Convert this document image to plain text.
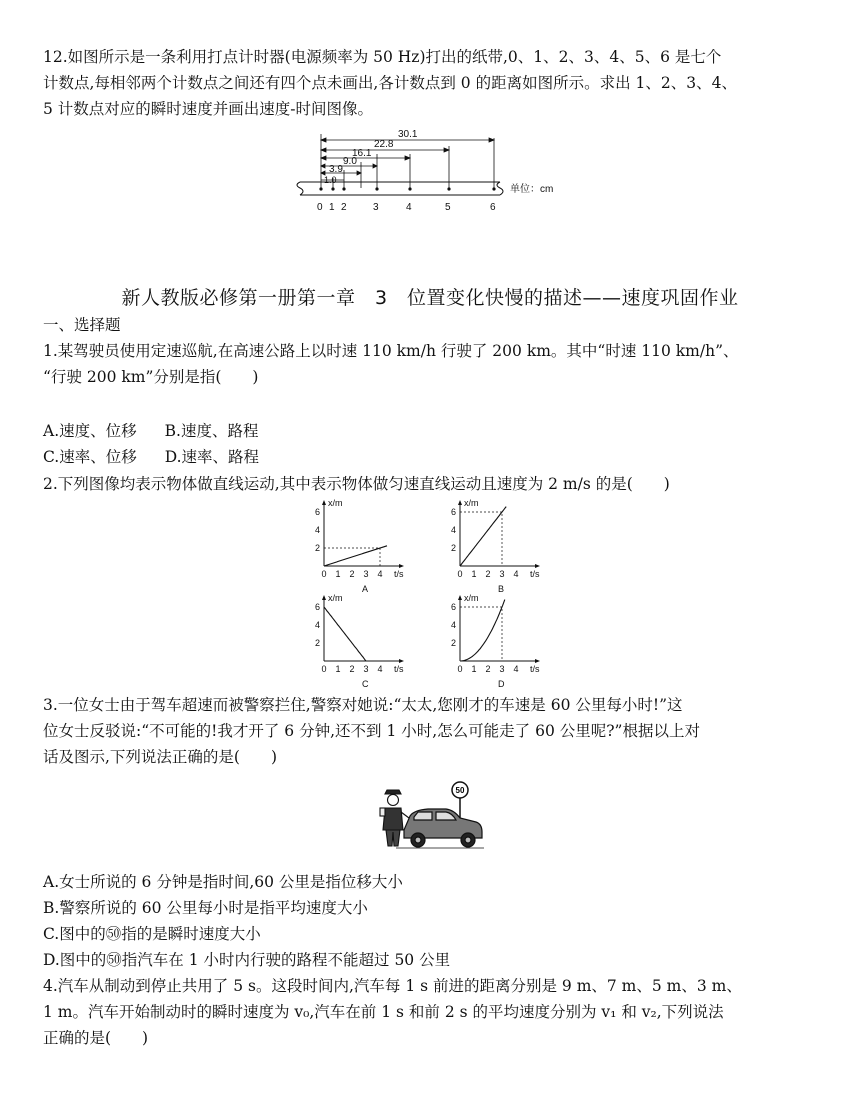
12.如图所示是一条利用打点计时器(电源频率为 50 Hz)打出的纸带,0、1、2、3、4、5、6 是七个
计数点,每相邻两个计数点之间还有四个点未画出,各计数点到 0 的距离如图所示。求出 1、2、3、4、
5 计数点对应的瞬时速度并画出速度-时间图像。
30.1
22.8
16.1
9.0
3.9
1.0
0 1 2	3	4	5	6
单位：cm
新人教版必修第一册第一章　3　位置变化快慢的描述——速度巩固作业
一、选择题
1.某驾驶员使用定速巡航,在高速公路上以时速 110 km/h 行驶了 200 km。其中“时速 110 km/h”、
“行驶 200 km”分别是指(　　)
A.速度、位移 B.速度、路程
C.速率、位移 D.速率、路程
2.下列图像均表示物体做直线运动,其中表示物体做匀速直线运动且速度为 2 m/s 的是(　　)
x/m
t/s
0 1 2 3 4
2
4
6
A
x/m
t/s
0 1 2 3 4
2
4
6
B
x/m
t/s
0 1 2 3 4
2
4
6
C
x/m
t/s
0 1 2 3 4
2
4
6
D
3.一位女士由于驾车超速而被警察拦住,警察对她说:“太太,您刚才的车速是 60 公里每小时!”这
位女士反驳说:“不可能的!我才开了 6 分钟,还不到 1 小时,怎么可能走了 60 公里呢?”根据以上对
话及图示,下列说法正确的是(　　)
50
A.女士所说的 6 分钟是指时间,60 公里是指位移大小
B.警察所说的 60 公里每小时是指平均速度大小
C.图中的㊿指的是瞬时速度大小
D.图中的㊿指汽车在 1 小时内行驶的路程不能超过 50 公里
4.汽车从制动到停止共用了 5 s。这段时间内,汽车每 1 s 前进的距离分别是 9 m、7 m、5 m、3 m、
1 m。汽车开始制动时的瞬时速度为 v₀,汽车在前 1 s 和前 2 s 的平均速度分别为 v₁ 和 v₂,下列说法
正确的是(　　)
